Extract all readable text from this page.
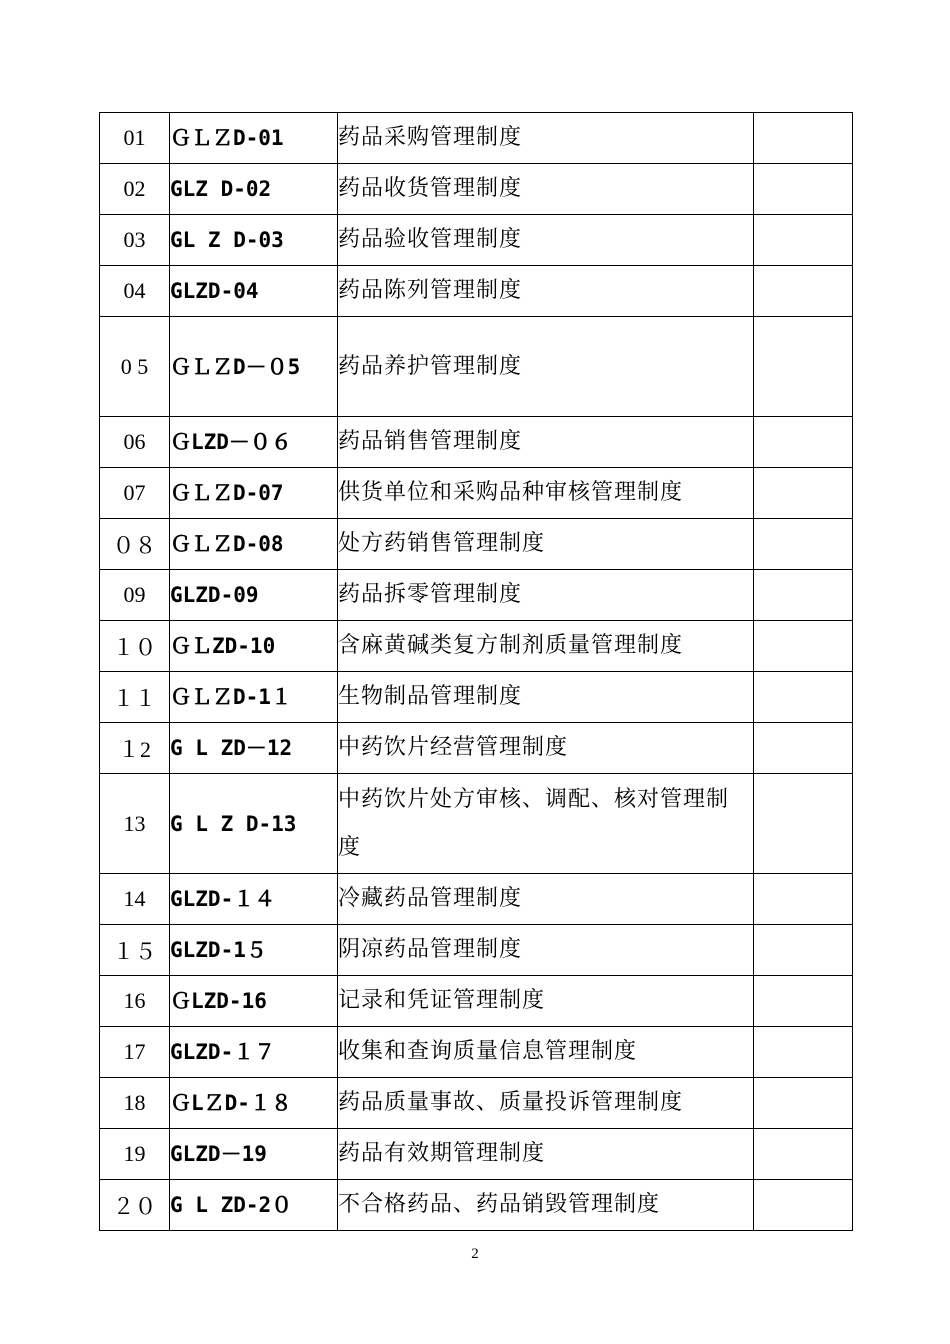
01	ＧＬＺD-01	药品采购管理制度	
02	GLZ D-02	药品收货管理制度	
03	GL Z D-03	药品验收管理制度	
04	GLZD-04	药品陈列管理制度	
0 5	ＧＬＺD－０5	药品养护管理制度	
06	ＧLZD－０６	药品销售管理制度	
07	ＧＬＺD-07	供货单位和采购品种审核管理制度	
０８	ＧＬＺD-08	处方药销售管理制度	
09	GLZD-09	药品拆零管理制度	
１０	ＧＬZD-10	含麻黄碱类复方制剂质量管理制度	
１１	ＧＬＺD-1１	生物制品管理制度	
１2	G L ZD－12	中药饮片经营管理制度	
13	G L Z D-13	中药饮片处方审核、调配、核对管理制度	
14	GLZD-１４	冷藏药品管理制度	
１５	GLZD-1５	阴凉药品管理制度	
16	ＧLZD-16	记录和凭证管理制度	
17	GLZD-１７	收集和查询质量信息管理制度	
18	ＧLＺD-１８	药品质量事故、质量投诉管理制度	
19	GLZD－19	药品有效期管理制度	
２０	G L ZD-2０	不合格药品、药品销毁管理制度	
2
